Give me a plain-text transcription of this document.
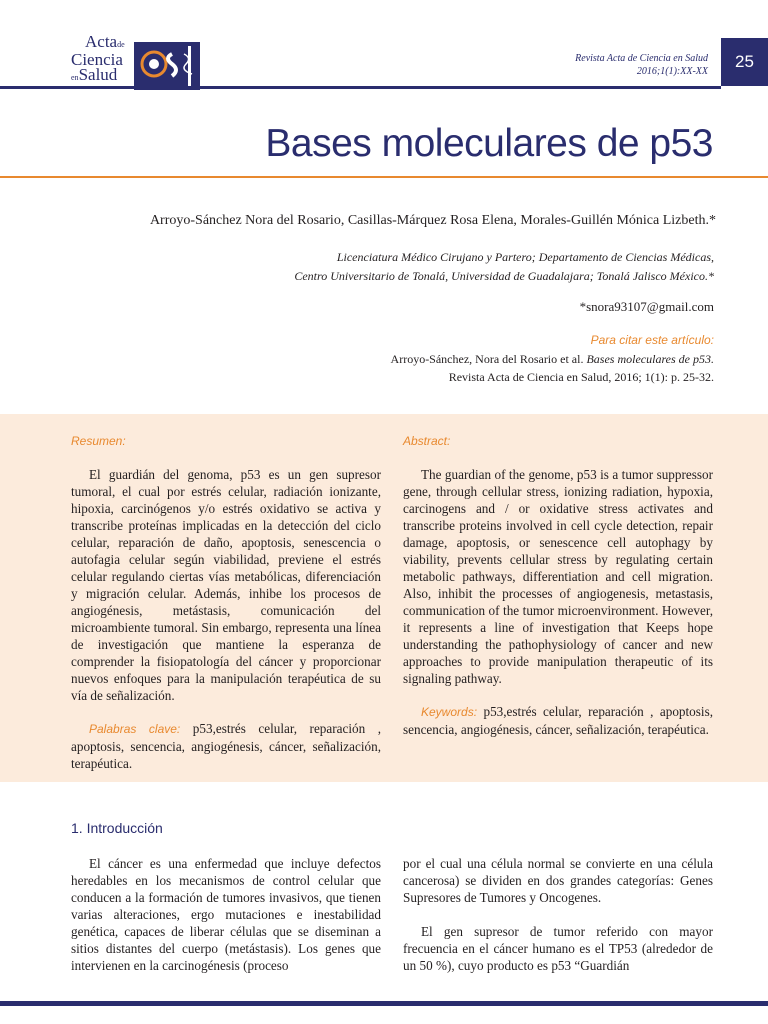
Actade
Ciencia
enSalud
Revista Acta de Ciencia en Salud
2016;1(1):XX-XX
25
Bases moleculares de p53
Arroyo-Sánchez Nora del Rosario, Casillas-Márquez Rosa Elena, Morales-Guillén Mónica Lizbeth.*
Licenciatura Médico Cirujano y Partero; Departamento de Ciencias Médicas,
Centro Universitario de Tonalá, Universidad de Guadalajara; Tonalá Jalisco México.*
*snora93107@gmail.com
Para citar este artículo:
Arroyo-Sánchez, Nora del Rosario et al. Bases moleculares de p53.
Revista Acta de Ciencia en Salud, 2016; 1(1): p. 25-32.
Resumen:

El guardián del genoma, p53 es un gen supresor tumoral, el cual por estrés celular, radiación ionizante, hipoxia, carcinógenos y/o estrés oxidativo se activa y transcribe proteínas implicadas en la detección del ciclo celular, reparación de daño, apoptosis, senescencia o autofagia celular según viabilidad, previene el estrés celular regulando ciertas vías metabólicas, diferenciación y migración celular. Además, inhibe los procesos de angiogénesis, metástasis, comunicación del microambiente tumoral. Sin embargo, representa una línea de investigación que mantiene la esperanza de comprender la fisiopatología del cáncer y proporcionar nuevos enfoques para la manipulación terapéutica de su vía de señalización.

Palabras clave: p53,estrés celular, reparación , apoptosis, sencencia, angiogénesis, cáncer, señalización, terapéutica.

Abstract:

The guardian of the genome, p53 is a tumor suppressor gene, through cellular stress, ionizing radiation, hypoxia, carcinogens and / or oxidative stress activates and transcribe proteins involved in cell cycle detection, repair damage, apoptosis, or senescence cell autophagy by viability, prevents cellular stress by regulating certain metabolic pathways, differentiation and cell migration. Also, inhibit the processes of angiogenesis, metastasis, communication of the tumor microenvironment. However, it represents a line of investigation that Keeps hope understanding the pathophysiology of cancer and new approaches to provide manipulation therapeutic of its signaling pathway.

Keywords: p53,estrés celular, reparación , apoptosis, sencencia, angiogénesis, cáncer, señalización, terapéutica.

1. Introducción

El cáncer es una enfermedad que incluye defectos heredables en los mecanismos de control celular que conducen a la formación de tumores invasivos, que tienen varias alteraciones, ergo mutaciones e inestabilidad genética, capaces de liberar células que se diseminan a sitios distantes del cuerpo (metástasis). Los genes que intervienen en la carcinogénesis (proceso

por el cual una célula normal se convierte en una célula cancerosa) se dividen en dos grandes categorías: Genes Supresores de Tumores y Oncogenes.

El gen supresor de tumor referido con mayor frecuencia en el cáncer humano es el TP53 (alrededor de un 50 %), cuyo producto es p53 “Guardián
